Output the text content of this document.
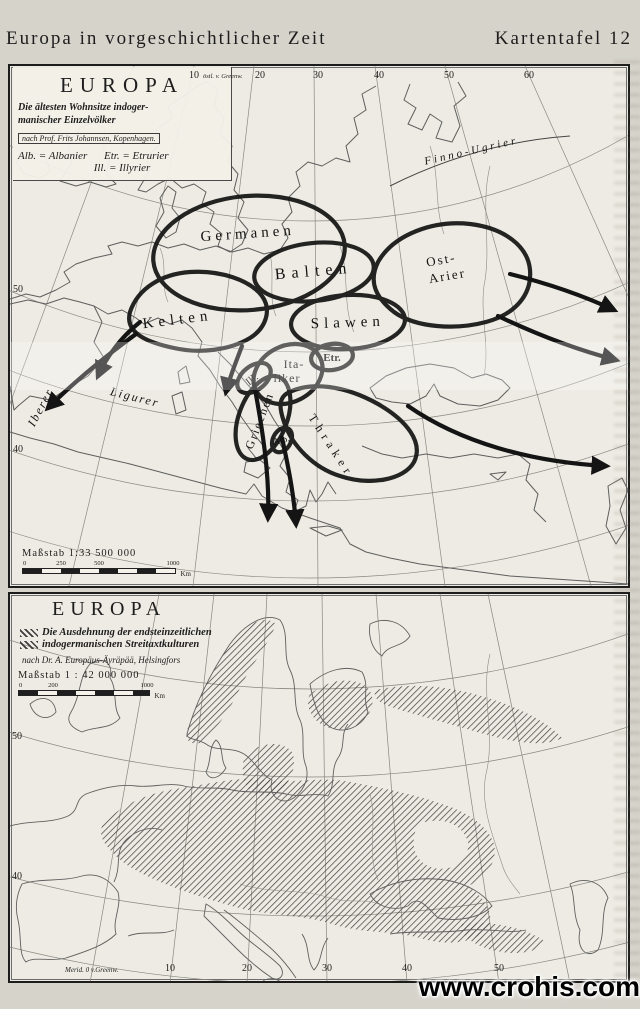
Europa in vorgeschichtlicher Zeit	Kartentafel 12
Germanen
Balten
Slawen
Kelten
Ita-
liker
Etr.
Ill.
Griechen
Alb. Thraker
Ost-
Arier
Finno-Ugrier
Ligurer
Iberer
EUROPA
Die ältesten Wohnsitze indoger-
manischer Einzelvölker
nach Prof. Frits Johannsen, Kopenhagen.
Alb. = Albanier Etr. = Etrurier
Ill. = Illyrier
10 östl. v. Greenw. 20	30	40	50	60
50
40
Maßstab 1:33 500 000
0	250	500	1000
Km
EUROPA
Die Ausdehnung der endsteinzeitlichen
indogermanischen Streitaxtkulturen
nach Dr. A. Europäus-Äyräpää, Helsingfors
Maßstab 1 : 42 000 000
0	200	1000
Km
50
40
Merid. 0 v.Greenw.	10	20	30	40	50
www.crohis.com
